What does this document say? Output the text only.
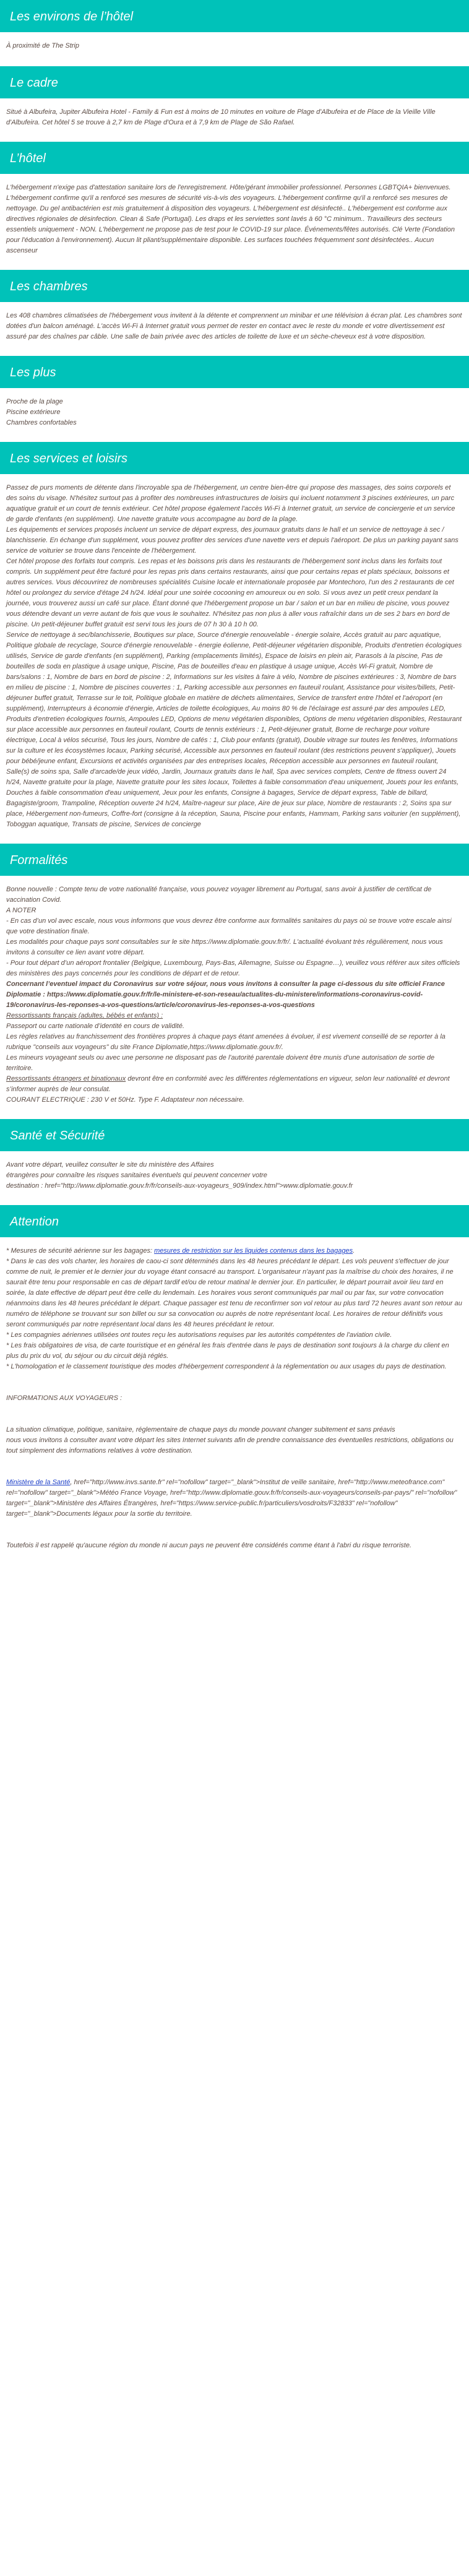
Les environs de l’hôtel

À proximité de The Strip

Le cadre

Situé à Albufeira, Jupiter Albufeira Hotel - Family & Fun est à moins de 10 minutes en voiture de Plage d'Albufeira et de Place de la Vieille Ville d'Albufeira. Cet hôtel 5 se trouve à 2,7 km de Plage d'Oura et à 7,9 km de Plage de São Rafael.

L’hôtel

L'hébergement n'exige pas d'attestation sanitaire lors de l'enregistrement. Hôte/gérant immobilier professionnel. Personnes LGBTQIA+ bienvenues. L'hébergement confirme qu'il a renforcé ses mesures de sécurité vis-à-vis des voyageurs. L'hébergement confirme qu'il a renforcé ses mesures de nettoyage. Du gel antibactérien est mis gratuitement à disposition des voyageurs. L'hébergement est désinfecté.. L'hébergement est conforme aux directives régionales de désinfection. Clean & Safe (Portugal). Les draps et les serviettes sont lavés à 60 °C minimum.. Travailleurs des secteurs essentiels uniquement - NON. L'hébergement ne propose pas de test pour le COVID-19 sur place. Événements/fêtes autorisés. Clé Verte (Fondation pour l'éducation à l'environnement). Aucun lit pliant/supplémentaire disponible. Les surfaces touchées fréquemment sont désinfectées.. Aucun ascenseur

Les chambres

Les 408 chambres climatisées de l'hébergement vous invitent à la détente et comprennent un minibar et une télévision à écran plat. Les chambres sont dotées d'un balcon aménagé. L'accès Wi-Fi à Internet gratuit vous permet de rester en contact avec le reste du monde et votre divertissement est assuré par des chaînes par câble. Une salle de bain privée avec des articles de toilette de luxe et un sèche-cheveux est à votre disposition.

Les plus

Proche de la plage

Piscine extérieure

Chambres confortables

Les services et loisirs

Passez de purs moments de détente dans l'incroyable spa de l'hébergement, un centre bien-être qui propose des massages, des soins corporels et des soins du visage. N'hésitez surtout pas à profiter des nombreuses infrastructures de loisirs qui incluent notamment 3 piscines extérieures, un parc aquatique gratuit et un court de tennis extérieur. Cet hôtel propose également l'accès Wi-Fi à Internet gratuit, un service de conciergerie et un service de garde d'enfants (en supplément). Une navette gratuite vous accompagne au bord de la plage.

Les équipements et services proposés incluent un service de départ express, des journaux gratuits dans le hall et un service de nettoyage à sec / blanchisserie. En échange d'un supplément, vous pouvez profiter des services d'une navette vers et depuis l'aéroport. De plus un parking payant sans service de voiturier se trouve dans l'enceinte de l'hébergement.

Cet hôtel propose des forfaits tout compris. Les repas et les boissons pris dans les restaurants de l'hébergement sont inclus dans les forfaits tout compris. Un supplément peut être facturé pour les repas pris dans certains restaurants, ainsi que pour certains repas et plats spéciaux, boissons et autres services. Vous découvrirez de nombreuses spécialités Cuisine locale et internationale proposée par Montechoro, l'un des 2 restaurants de cet hôtel ou prolongez du service d'étage 24 h/24. Idéal pour une soirée cocooning en amoureux ou en solo. Si vous avez un petit creux pendant la journée, vous trouverez aussi un café sur place. Étant donné que l'hébergement propose un bar / salon et un bar en milieu de piscine, vous pouvez vous détendre devant un verre autant de fois que vous le souhaitez. N'hésitez pas non plus à aller vous rafraîchir dans un de ses 2 bars en bord de piscine. Un petit-déjeuner buffet gratuit est servi tous les jours de 07 h 30 à 10 h 00.

Service de nettoyage à sec/blanchisserie, Boutiques sur place, Source d'énergie renouvelable - énergie solaire, Accès gratuit au parc aquatique, Politique globale de recyclage, Source d'énergie renouvelable - énergie éolienne, Petit-déjeuner végétarien disponible, Produits d'entretien écologiques utilisés, Service de garde d'enfants (en supplément), Parking (emplacements limités), Espace de loisirs en plein air, Parasols à la piscine, Pas de bouteilles de soda en plastique à usage unique, Piscine, Pas de bouteilles d'eau en plastique à usage unique, Accès Wi-Fi gratuit, Nombre de bars/salons : 1, Nombre de bars en bord de piscine : 2, Informations sur les visites à faire à vélo, Nombre de piscines extérieures : 3, Nombre de bars en milieu de piscine : 1, Nombre de piscines couvertes : 1, Parking accessible aux personnes en fauteuil roulant, Assistance pour visites/billets, Petit-déjeuner buffet gratuit, Terrasse sur le toit, Politique globale en matière de déchets alimentaires, Service de transfert entre l'hôtel et l'aéroport (en supplément), Interrupteurs à économie d'énergie, Articles de toilette écologiques, Au moins 80 % de l'éclairage est assuré par des ampoules LED, Produits d'entretien écologiques fournis, Ampoules LED, Options de menu végétarien disponibles, Options de menu végétarien disponibles, Restaurant sur place accessible aux personnes en fauteuil roulant, Courts de tennis extérieurs : 1, Petit-déjeuner gratuit, Borne de recharge pour voiture électrique, Local à vélos sécurisé, Tous les jours, Nombre de cafés : 1, Club pour enfants (gratuit), Double vitrage sur toutes les fenêtres, Informations sur la culture et les écosystèmes locaux, Parking sécurisé, Accessible aux personnes en fauteuil roulant (des restrictions peuvent s'appliquer), Jouets pour bébé/jeune enfant, Excursions et activités organisées par des entreprises locales, Réception accessible aux personnes en fauteuil roulant, Salle(s) de soins spa, Salle d'arcade/de jeux vidéo, Jardin, Journaux gratuits dans le hall, Spa avec services complets, Centre de fitness ouvert 24 h/24, Navette gratuite pour la plage, Navette gratuite pour les sites locaux, Toilettes à faible consommation d'eau uniquement, Jouets pour les enfants, Douches à faible consommation d'eau uniquement, Jeux pour les enfants, Consigne à bagages, Service de départ express, Table de billard, Bagagiste/groom, Trampoline, Réception ouverte 24 h/24, Maître-nageur sur place, Aire de jeux sur place, Nombre de restaurants : 2, Soins spa sur place, Hébergement non-fumeurs, Coffre-fort (consigne à la réception, Sauna, Piscine pour enfants, Hammam, Parking sans voiturier (en supplément), Toboggan aquatique, Transats de piscine, Services de concierge

Formalités

Bonne nouvelle : Compte tenu de votre nationalité française, vous pouvez voyager librement au Portugal, sans avoir à justifier de certificat de vaccination Covid.

A NOTER

- En cas d’un vol avec escale, nous vous informons que vous devrez être conforme aux formalités sanitaires du pays où se trouve votre escale ainsi que votre destination finale.

Les modalités pour chaque pays sont consultables sur le site https://www.diplomatie.gouv.fr/fr/. L'actualité évoluant très régulièrement, nous vous invitons à consulter ce lien avant votre départ.

- Pour tout départ d’un aéroport frontalier (Belgique, Luxembourg, Pays-Bas, Allemagne, Suisse ou Espagne…), veuillez vous référer aux sites officiels des ministères des pays concernés pour les conditions de départ et de retour.

Concernant l’eventuel impact du Coronavirus sur votre séjour, nous vous invitons à consulter la page ci-dessous du site officiel France Diplomatie : https://www.diplomatie.gouv.fr/fr/le-ministere-et-son-reseau/actualites-du-ministere/informations-coronavirus-covid-19/coronavirus-les-reponses-a-vos-questions/article/coronavirus-les-reponses-a-vos-questions

Ressortissants français (adultes, bébés et enfants) :

Passeport ou carte nationale d’identité en cours de validité.

Les règles relatives au franchissement des frontières propres à chaque pays étant amenées à évoluer, il est vivement conseillé de se reporter à la rubrique "conseils aux voyageurs" du site France Diplomatie,https://www.diplomatie.gouv.fr/.

Les mineurs voyageant seuls ou avec une personne ne disposant pas de l'autorité parentale doivent être munis d'une autorisation de sortie de territoire.

Ressortissants étrangers et binationaux devront être en conformité avec les différentes réglementations en vigueur, selon leur nationalité et devront s’informer auprès de leur consulat.

COURANT ELECTRIQUE : 230 V et 50Hz. Type F. Adaptateur non nécessaire.

Santé et Sécurité

Avant votre départ, veuillez consulter le site du ministère des Affaires

étrangères pour connaître les risques sanitaires éventuels qui peuvent concerner votre

destination : href="http://www.diplomatie.gouv.fr/fr/conseils-aux-voyageurs_909/index.html">www.diplomatie.gouv.fr

Attention

* Mesures de sécurité aérienne sur les bagages: mesures de restriction sur les liquides contenus dans les bagages.

* Dans le cas des vols charter, les horaires de caou-ci sont déterminés dans les 48 heures précédant le départ. Les vols peuvent s'effectuer de jour comme de nuit, le premier et le dernier jour du voyage étant consacré au transport. L'organisateur n'ayant pas la maîtrise du choix des horaires, il ne saurait être tenu pour responsable en cas de départ tardif et/ou de retour matinal le dernier jour. En particulier, le départ pourrait avoir lieu tard en soirée, la date effective de départ peut être celle du lendemain. Les horaires vous seront communiqués par mail ou par fax, sur votre convocation néanmoins dans les 48 heures précédant le départ. Chaque passager est tenu de reconfirmer son vol retour au plus tard 72 heures avant son retour au numéro de téléphone se trouvant sur son billet ou sur sa convocation ou auprès de notre représentant local. Les horaires de retour définitifs vous seront communiqués par notre représentant local dans les 48 heures précédant le retour.

* Les compagnies aériennes utilisées ont toutes reçu les autorisations requises par les autorités compétentes de l'aviation civile.

* Les frais obligatoires de visa, de carte touristique et en général les frais d'entrée dans le pays de destination sont toujours à la charge du client en plus du prix du vol, du séjour ou du circuit déjà réglés.

* L'homologation et le classement touristique des modes d'hébergement correspondent à la réglementation ou aux usages du pays de destination.

INFORMATIONS AUX VOYAGEURS :

La situation climatique, politique, sanitaire, réglementaire de chaque pays du monde pouvant changer subitement et sans préavis

nous vous invitons à consulter avant votre départ les sites Internet suivants afin de prendre connaissance des éventuelles restrictions, obligations ou tout simplement des informations relatives à votre destination.

Ministère de la Santé, href="http://www.invs.sante.fr" rel="nofollow" target="_blank">Institut de veille sanitaire, href="http://www.meteofrance.com" rel="nofollow" target="_blank">Météo France Voyage, href="http://www.diplomatie.gouv.fr/fr/conseils-aux-voyageurs/conseils-par-pays/" rel="nofollow" target="_blank">Ministère des Affaires Étrangères, href="https://www.service-public.fr/particuliers/vosdroits/F32833" rel="nofollow" target="_blank">Documents légaux pour la sortie du territoire.

Toutefois il est rappelé qu'aucune région du monde ni aucun pays ne peuvent être considérés comme étant à l'abri du risque terroriste.
